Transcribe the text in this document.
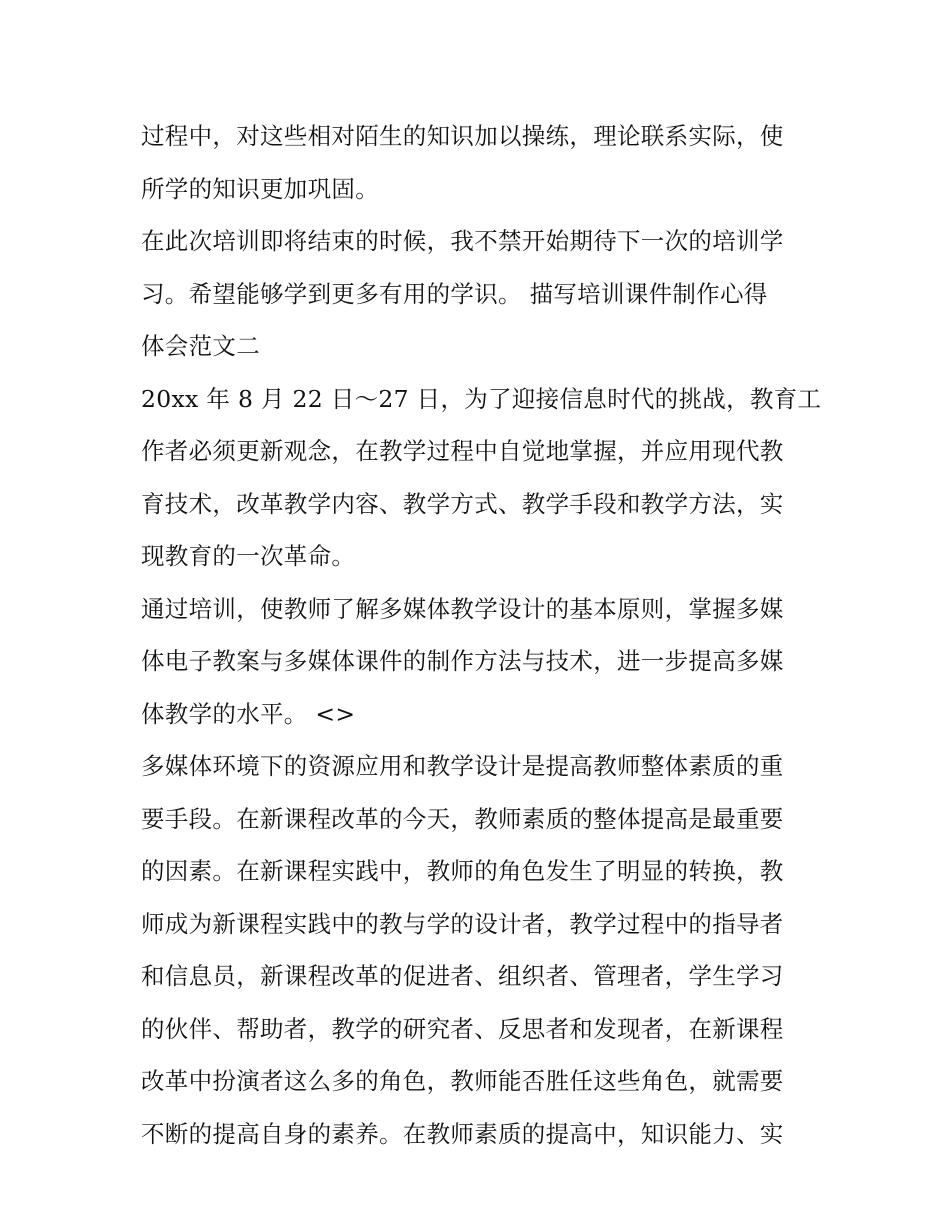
过程中，对这些相对陌生的知识加以操练，理论联系实际，使
所学的知识更加巩固。
在此次培训即将结束的时候，我不禁开始期待下一次的培训学
习。希望能够学到更多有用的学识。 描写培训课件制作心得
体会范文二
20xx 年 8 月 22 日～27 日，为了迎接信息时代的挑战，教育工
作者必须更新观念，在教学过程中自觉地掌握，并应用现代教
育技术，改革教学内容、教学方式、教学手段和教学方法，实
现教育的一次革命。
通过培训，使教师了解多媒体教学设计的基本原则，掌握多媒
体电子教案与多媒体课件的制作方法与技术，进一步提高多媒
体教学的水平。 <>
多媒体环境下的资源应用和教学设计是提高教师整体素质的重
要手段。在新课程改革的今天，教师素质的整体提高是最重要
的因素。在新课程实践中，教师的角色发生了明显的转换，教
师成为新课程实践中的教与学的设计者，教学过程中的指导者
和信息员，新课程改革的促进者、组织者、管理者，学生学习
的伙伴、帮助者，教学的研究者、反思者和发现者，在新课程
改革中扮演者这么多的角色，教师能否胜任这些角色，就需要
不断的提高自身的素养。在教师素质的提高中，知识能力、实
